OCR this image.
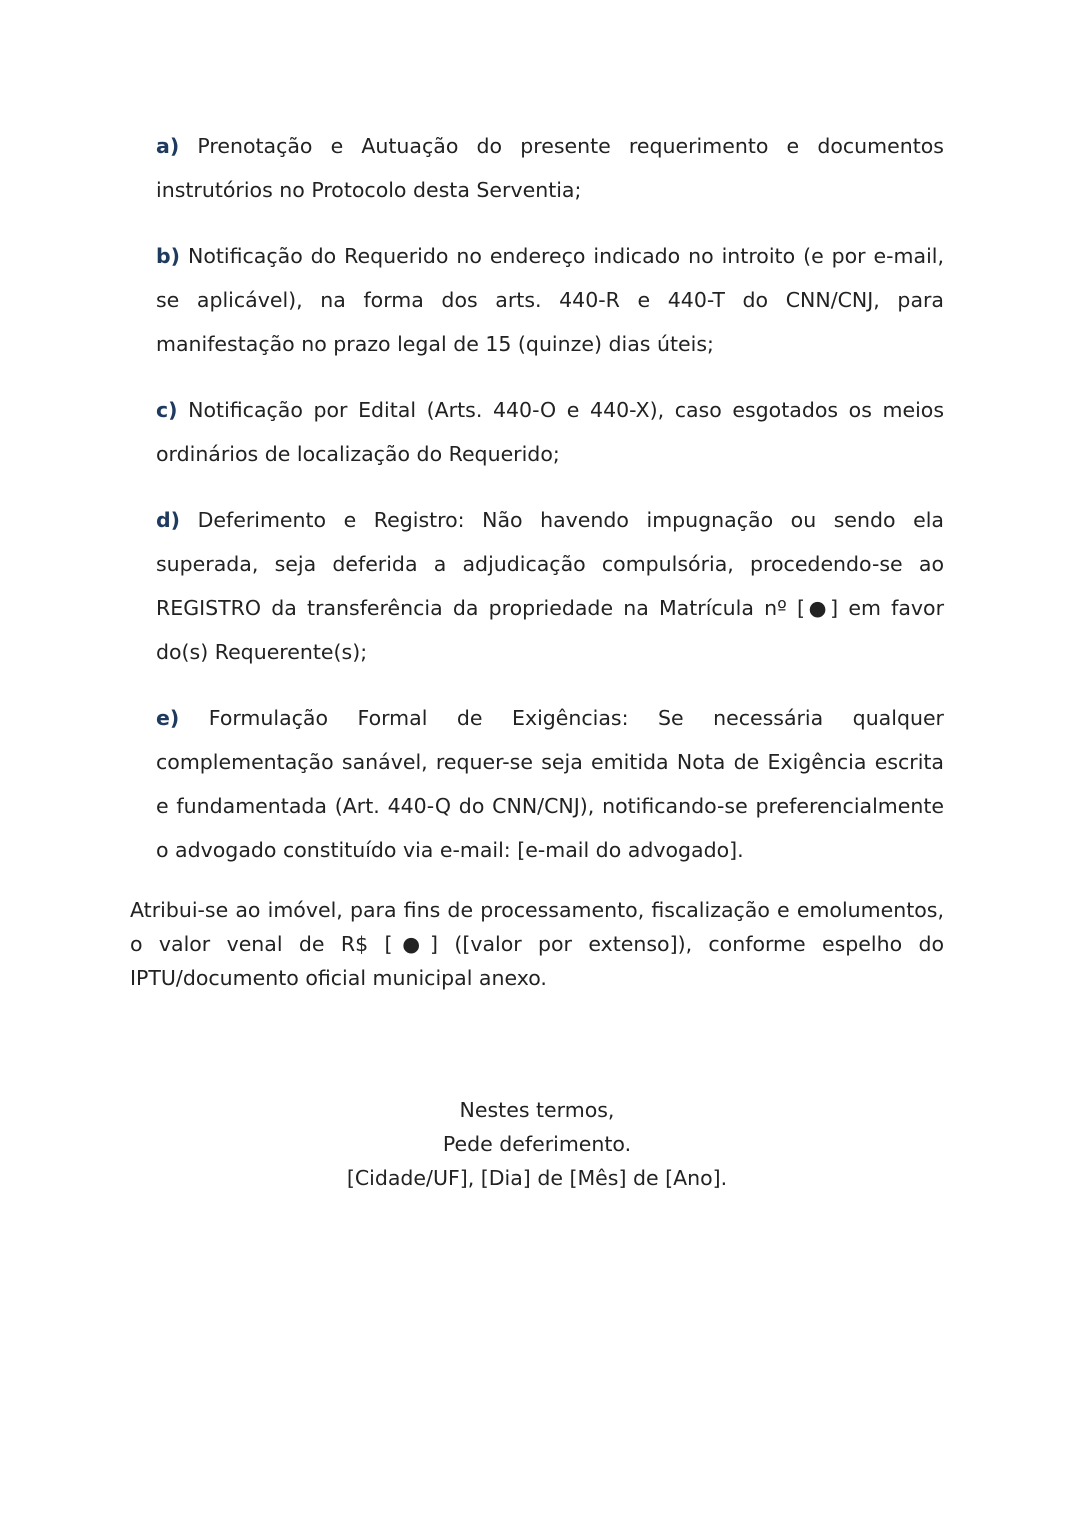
a) Prenotação e Autuação do presente requerimento e documentos instrutórios no Protocolo desta Serventia;

b) Notificação do Requerido no endereço indicado no introito (e por e-mail, se aplicável), na forma dos arts. 440-R e 440-T do CNN/CNJ, para manifestação no prazo legal de 15 (quinze) dias úteis;

c) Notificação por Edital (Arts. 440-O e 440-X), caso esgotados os meios ordinários de localização do Requerido;

d) Deferimento e Registro: Não havendo impugnação ou sendo ela superada, seja deferida a adjudicação compulsória, procedendo-se ao REGISTRO da transferência da propriedade na Matrícula nº [●] em favor do(s) Requerente(s);

e) Formulação Formal de Exigências: Se necessária qualquer complementação sanável, requer-se seja emitida Nota de Exigência escrita e fundamentada (Art. 440-Q do CNN/CNJ), notificando-se preferencialmente o advogado constituído via e-mail: [e-mail do advogado].

Atribui-se ao imóvel, para fins de processamento, fiscalização e emolumentos, o valor venal de R$ [●] ([valor por extenso]), conforme espelho do IPTU/documento oficial municipal anexo.

Nestes termos,
Pede deferimento.
[Cidade/UF], [Dia] de [Mês] de [Ano].
